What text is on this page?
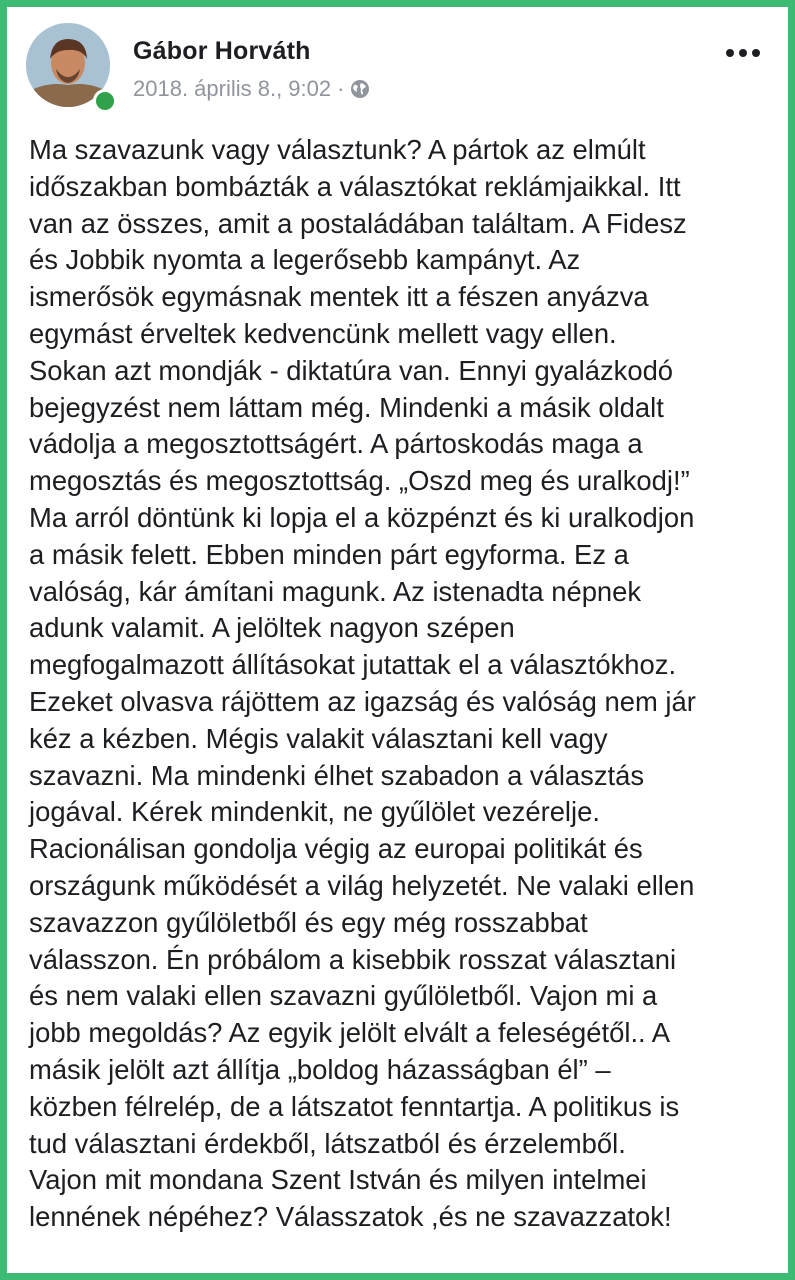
Gábor Horváth
2018. április 8., 9:02 ·
Ma szavazunk vagy választunk? A pártok az elmúlt
időszakban bombázták a választókat reklámjaikkal. Itt
van az összes, amit a postaládában találtam. A Fidesz
és Jobbik nyomta a legerősebb kampányt. Az
ismerősök egymásnak mentek itt a fészen anyázva
egymást érveltek kedvencünk mellett vagy ellen.
Sokan azt mondják - diktatúra van. Ennyi gyalázkodó
bejegyzést nem láttam még. Mindenki a másik oldalt
vádolja a megosztottságért. A pártoskodás maga a
megosztás és megosztottság. „Oszd meg és uralkodj!”
Ma arról döntünk ki lopja el a közpénzt és ki uralkodjon
a másik felett. Ebben minden párt egyforma. Ez a
valóság, kár ámítani magunk. Az istenadta népnek
adunk valamit. A jelöltek nagyon szépen
megfogalmazott állításokat jutattak el a választókhoz.
Ezeket olvasva rájöttem az igazság és valóság nem jár
kéz a kézben. Mégis valakit választani kell vagy
szavazni. Ma mindenki élhet szabadon a választás
jogával. Kérek mindenkit, ne gyűlölet vezérelje.
Racionálisan gondolja végig az europai politikát és
országunk működését a világ helyzetét. Ne valaki ellen
szavazzon gyűlöletből és egy még rosszabbat
válasszon. Én próbálom a kisebbik rosszat választani
és nem valaki ellen szavazni gyűlöletből. Vajon mi a
jobb megoldás? Az egyik jelölt elvált a feleségétől.. A
másik jelölt azt állítja „boldog házasságban él” –
közben félrelép, de a látszatot fenntartja. A politikus is
tud választani érdekből, látszatból és érzelemből.
Vajon mit mondana Szent István és milyen intelmei
lennének népéhez? Válasszatok ,és ne szavazzatok!
